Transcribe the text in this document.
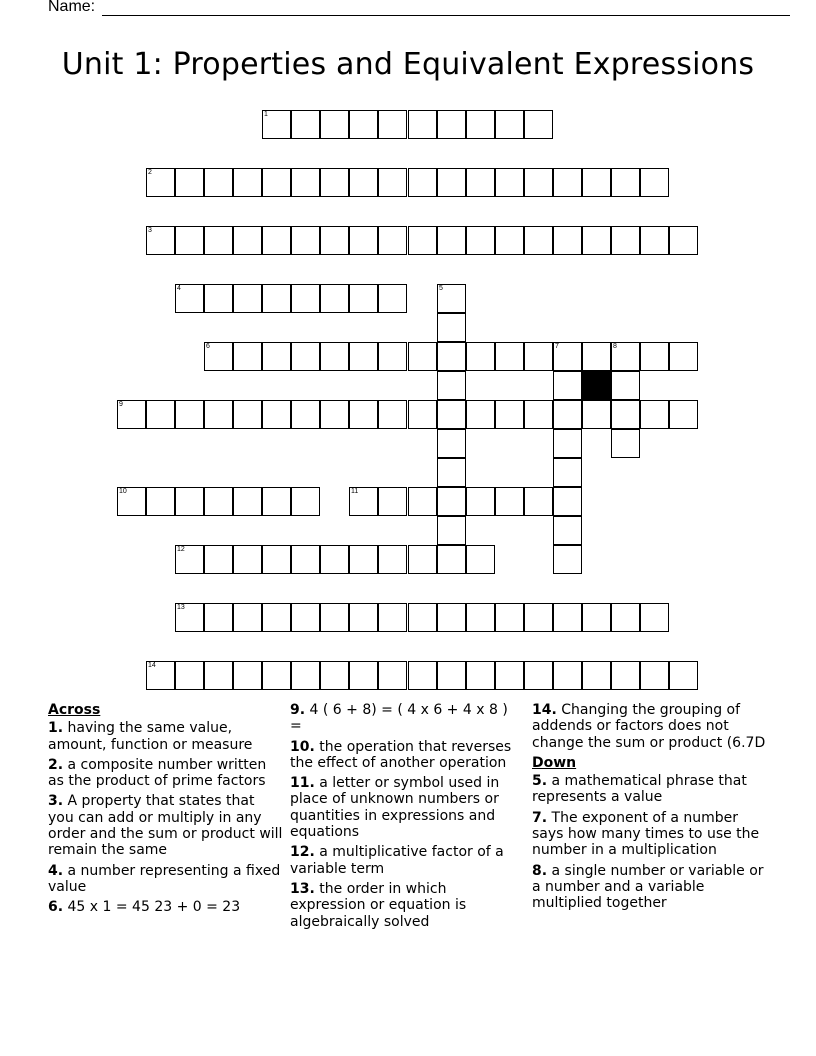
Name:
Unit 1: Properties and Equivalent Expressions
1
2
3
4	5
6	7	8
9
10	11
12
13
14
Across
1. having the same value, amount, function or measure
2. a composite number written as the product of prime factors
3. A property that states that you can add or multiply in any order and the sum or product will remain the same
4. a number representing a fixed value
6. 45 x 1 = 45 23 + 0 = 23
9. 4 ( 6 + 8) = ( 4 x 6 + 4 x 8 ) =
10. the operation that reverses the effect of another operation
11. a letter or symbol used in place of unknown numbers or quantities in expressions and equations
12. a multiplicative factor of a variable term
13. the order in which expression or equation is algebraically solved
14. Changing the grouping of addends or factors does not change the sum or product (6.7D
Down
5. a mathematical phrase that represents a value
7. The exponent of a number says how many times to use the number in a multiplication
8. a single number or variable or a number and a variable multiplied together
